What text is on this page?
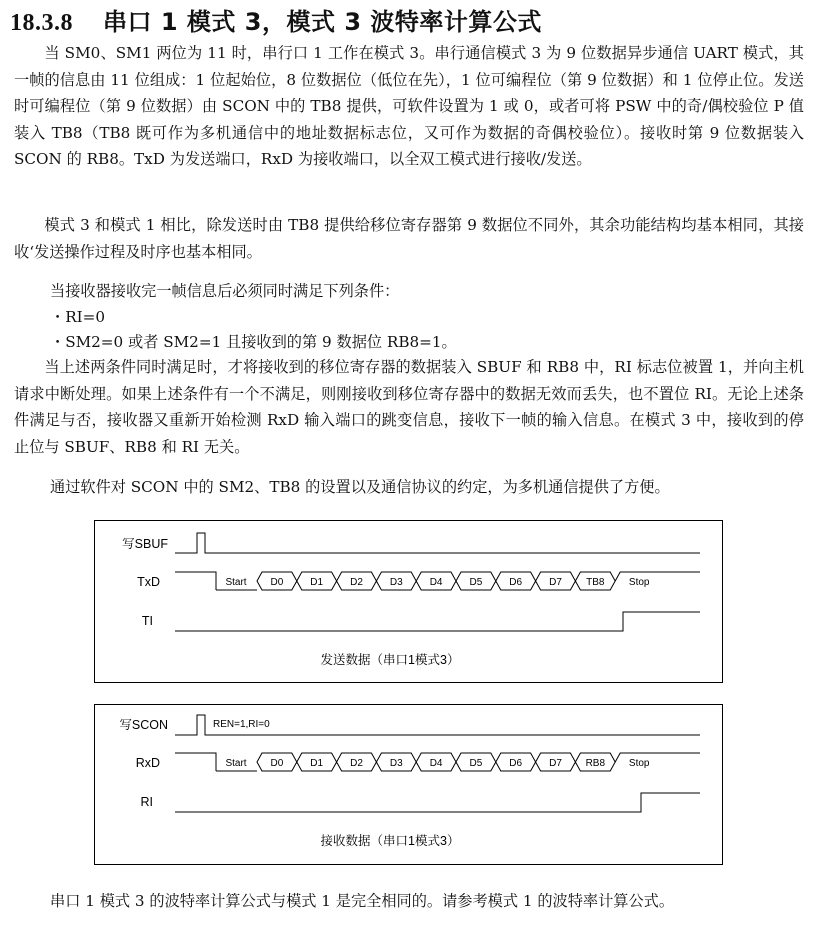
18.3.8 串口 1 模式 3，模式 3 波特率计算公式

当 SM0、SM1 两位为 11 时，串行口 1 工作在模式 3。串行通信模式 3 为 9 位数据异步通信 UART 模式，其一帧的信息由 11 位组成：1 位起始位，8 位数据位（低位在先），1 位可编程位（第 9 位数据）和 1 位停止位。发送时可编程位（第 9 位数据）由 SCON 中的 TB8 提供，可软件设置为 1 或 0，或者可将 PSW 中的奇/偶校验位 P 值装入 TB8（TB8 既可作为多机通信中的地址数据标志位，又可作为数据的奇偶校验位）。接收时第 9 位数据装入 SCON 的 RB8。TxD 为发送端口，RxD 为接收端口，以全双工模式进行接收/发送。

模式 3 和模式 1 相比，除发送时由 TB8 提供给移位寄存器第 9 数据位不同外，其余功能结构均基本相同，其接收‘发送操作过程及时序也基本相同。

当接收器接收完一帧信息后必须同时满足下列条件：

・RI=0

・SM2=0 或者 SM2=1 且接收到的第 9 数据位 RB8=1。

当上述两条件同时满足时，才将接收到的移位寄存器的数据装入 SBUF 和 RB8 中，RI 标志位被置 1，并向主机请求中断处理。如果上述条件有一个不满足，则刚接收到移位寄存器中的数据无效而丢失，也不置位 RI。无论上述条件满足与否，接收器又重新开始检测 RxD 输入端口的跳变信息，接收下一帧的输入信息。在模式 3 中，接收到的停止位与 SBUF、RB8 和 RI 无关。

通过软件对 SCON 中的 SM2、TB8 的设置以及通信协议的约定，为多机通信提供了方便。

写SBUF
TxD	Start D0	D1	D2	D3	D4	D5	D6	D7 TB8 Stop
TI
发送数据（串口1模式3）
写SCON	REN=1,RI=0
RxD	Start D0	D1	D2	D3	D4	D5	D6	D7 RB8 Stop
RI
接收数据（串口1模式3）

串口 1 模式 3 的波特率计算公式与模式 1 是完全相同的。请参考模式 1 的波特率计算公式。
